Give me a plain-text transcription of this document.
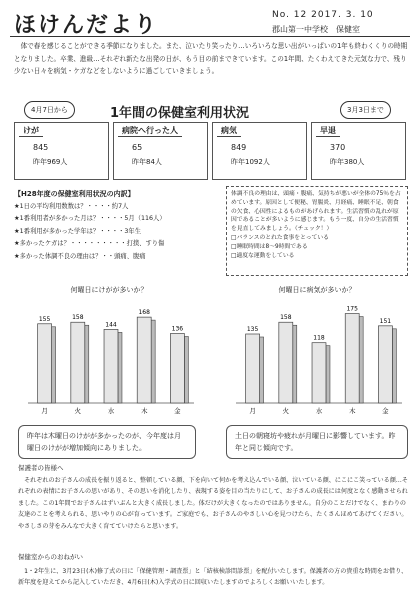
ほけんだより	No. 12 2017. 3. 10
郡山第一中学校　保健室
体で春を感じることができる季節になりました。また、泣いたり笑ったり…いろいろな思い出がいっぱいの1年も終わくくりの時期となりました。卒業、進級…それぞれ新たな出発の日が、もう目の前まできています。この1年間、たくわえてきた元気な力で、残り少ない日々を病気・ケガなどをしないように過ごしていきましょう。
4月7日から	1年間の保健室利用状況	3月3日まで
けが
845
昨年969人
病院へ行った人
65
昨年84人
病気
849
昨年1092人
早退
370
昨年380人
【H28年度の保健室利用状況の内訳】
★1日の平均利用数数は？・・・・約7人
★1番利用者が多かった月は？・・・・5月（116人）
★1番利用が多かった学年は？・・・・3年生
★多かったケガは？・・・・・・・・・打撲、すり傷
★多かった体調不良の理由は？・・頭痛、腹痛
体調不良の理由は、頭痛・腹痛、気持ちが悪いが全体の75％を占めています。原因として便秘、胃腸炎、月経痛、睡眠不足、朝食の欠食、心因性によるものがあげられます。生活習慣の乱れが原因であることが多いように感じます。もう一度、自分の生活習慣を見直してみましょう。（チェック！）
□バランスのとれた食事をとっている
□睡眠時間は8～9時間である
□適度な運動をしている
何曜日にけがが多いか？
155
月
158
火
144
水
168
木
136
金
何曜日に病気が多いか？
135
月
158
火
118
水
175
木
151
金
昨年は木曜日のけがが多かったのが、今年度は月曜日のけがが増加傾向にありました。
土日の朝寝坊や疲れが月曜日に影響しています。昨年と同じ傾向です。
保護者の皆様へ
それぞれのお子さんの成長を振り返ると、整頓している顔、下を向いて何かを考え込んでいる顔、泣いている顔、にこにこ笑っている顔…それぞれの表情にお子さんの思いがあり、その思いを消化したり、表現する姿を目の当たりにして、お子さんの成長には何度となく感動させられました。この1年間でお子さんはずいぶんと大きく成長しました。体だけが大きくなったのではありません。自分のことだけでなく、まわりの友達のことを考えられる、思いやりの心が育っています。ご家庭でも、お子さんのやさしい心を見つけたら、たくさんほめてあげてください。やさしさの芽をみんなで大きく育てていけたらと思います。
保健室からのおねがい
1・2年生に、3月23日(木)修了式の日に「保健管理・調査票」と「結核検診問診票」を配付いたします。保護者の方の貴重な時間をお借り、新年度を迎えてから記入していただき、4月6日(木)入学式の日に回収いたしますのでよろしくお願いいたします。
